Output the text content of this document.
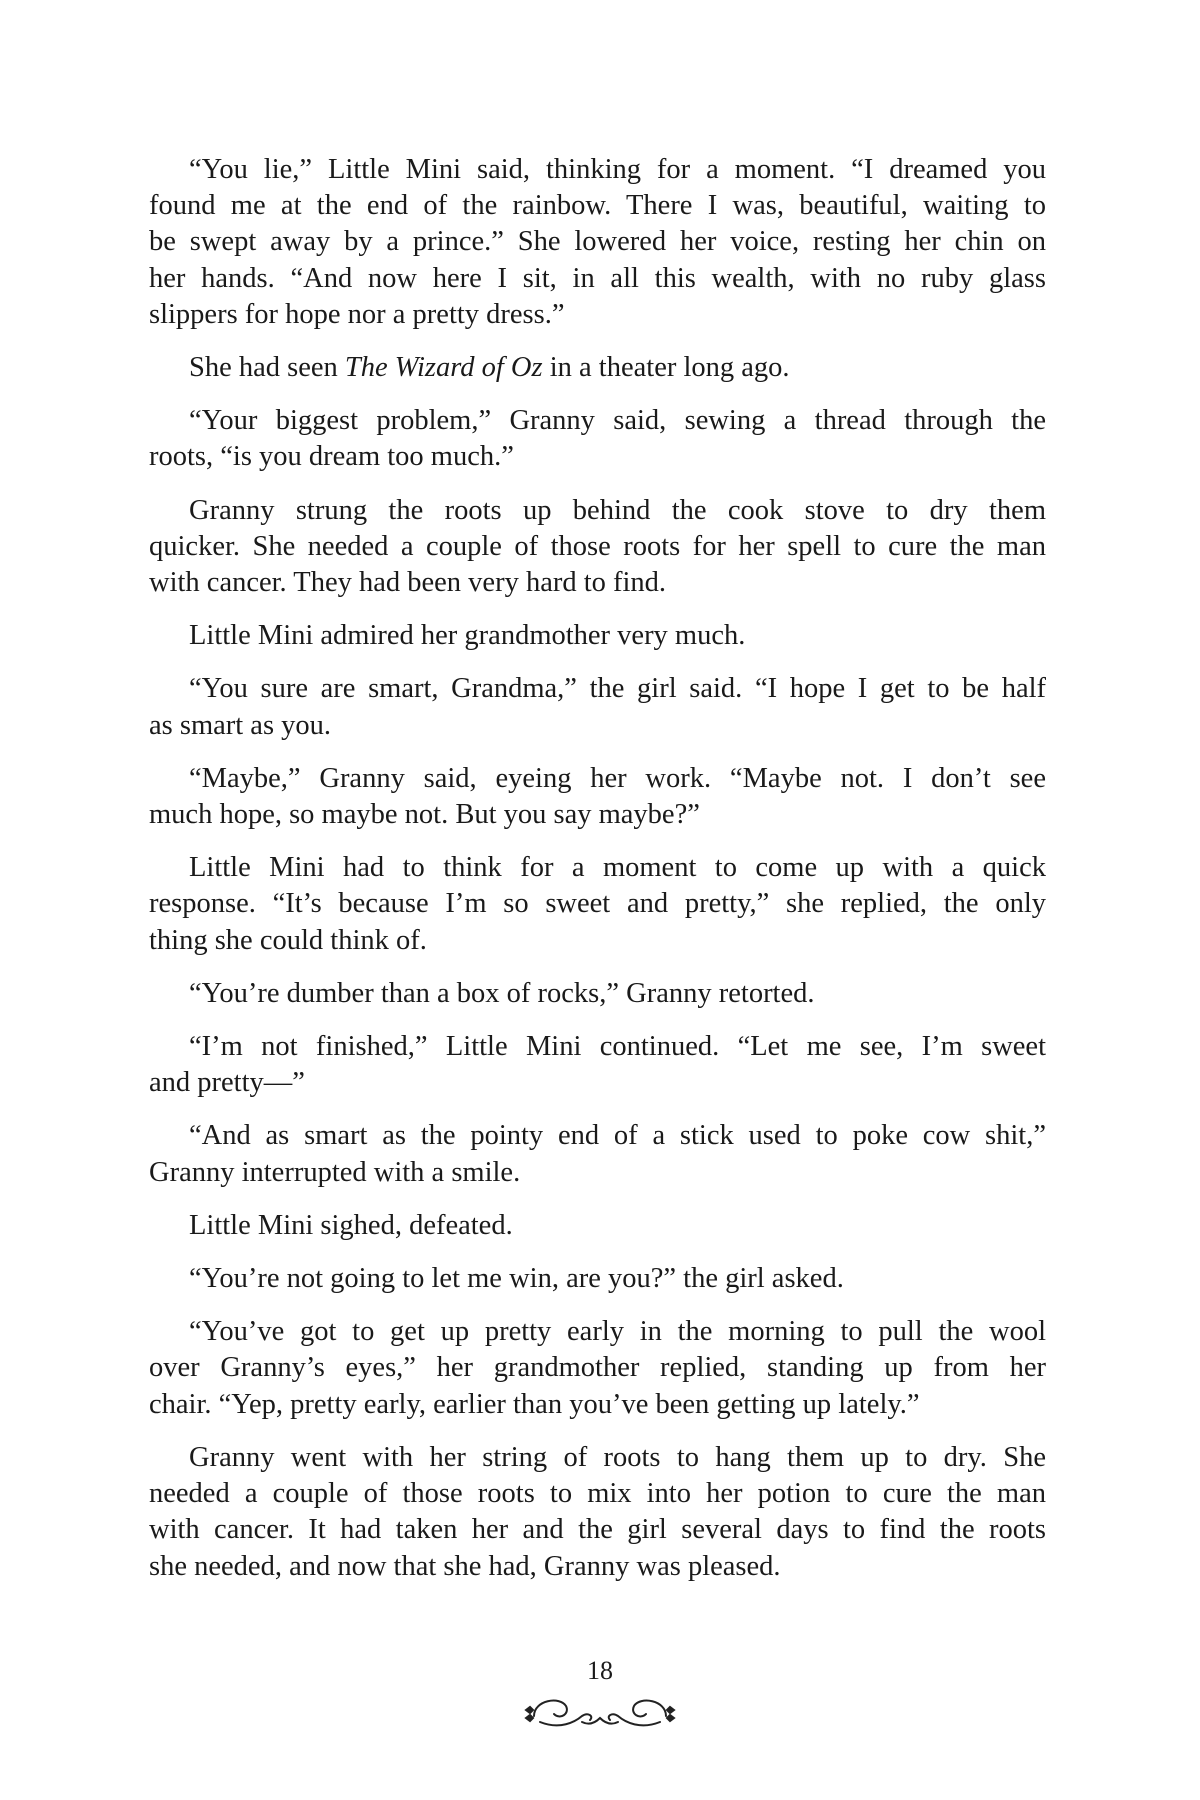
“You lie,” Little Mini said, thinking for a moment. “I dreamed you
found me at the end of the rainbow. There I was, beautiful, waiting to
be swept away by a prince.” She lowered her voice, resting her chin on
her hands. “And now here I sit, in all this wealth, with no ruby glass
slippers for hope nor a pretty dress.”
She had seen The Wizard of Oz in a theater long ago.
“Your biggest problem,” Granny said, sewing a thread through the
roots, “is you dream too much.”
Granny strung the roots up behind the cook stove to dry them
quicker. She needed a couple of those roots for her spell to cure the man
with cancer. They had been very hard to find.
Little Mini admired her grandmother very much.
“You sure are smart, Grandma,” the girl said. “I hope I get to be half
as smart as you.
“Maybe,” Granny said, eyeing her work. “Maybe not. I don’t see
much hope, so maybe not. But you say maybe?”
Little Mini had to think for a moment to come up with a quick
response. “It’s because I’m so sweet and pretty,” she replied, the only
thing she could think of.
“You’re dumber than a box of rocks,” Granny retorted.
“I’m not finished,” Little Mini continued. “Let me see, I’m sweet
and pretty—”
“And as smart as the pointy end of a stick used to poke cow shit,”
Granny interrupted with a smile.
Little Mini sighed, defeated.
“You’re not going to let me win, are you?” the girl asked.
“You’ve got to get up pretty early in the morning to pull the wool
over Granny’s eyes,” her grandmother replied, standing up from her
chair. “Yep, pretty early, earlier than you’ve been getting up lately.”
Granny went with her string of roots to hang them up to dry. She
needed a couple of those roots to mix into her potion to cure the man
with cancer. It had taken her and the girl several days to find the roots
she needed, and now that she had, Granny was pleased.
18
